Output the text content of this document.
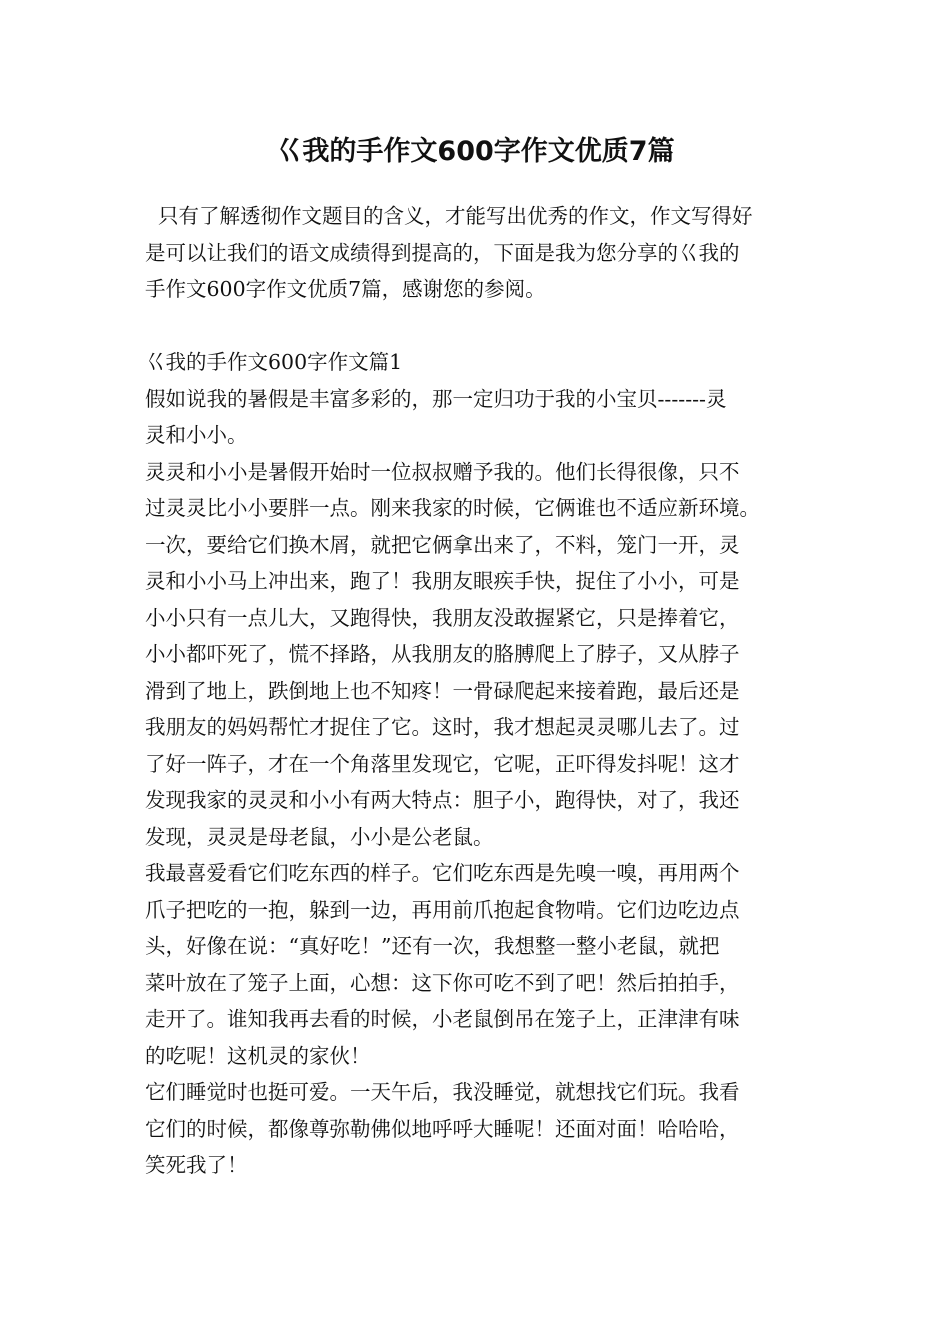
巜我的手作文600字作文优质7篇
只有了解透彻作文题目的含义，才能写出优秀的作文，作文写得好
是可以让我们的语文成绩得到提高的，下面是我为您分享的巜我的
手作文600字作文优质7篇，感谢您的参阅。
巜我的手作文600字作文篇1
假如说我的暑假是丰富多彩的，那一定归功于我的小宝贝-------灵
灵和小小。
灵灵和小小是暑假开始时一位叔叔赠予我的。他们长得很像，只不
过灵灵比小小要胖一点。刚来我家的时候，它俩谁也不适应新环境。
一次，要给它们换木屑，就把它俩拿出来了，不料，笼门一开，灵
灵和小小马上冲出来，跑了！我朋友眼疾手快，捉住了小小，可是
小小只有一点儿大，又跑得快，我朋友没敢握紧它，只是捧着它，
小小都吓死了，慌不择路，从我朋友的胳膊爬上了脖子，又从脖子
滑到了地上，跌倒地上也不知疼！一骨碌爬起来接着跑，最后还是
我朋友的妈妈帮忙才捉住了它。这时，我才想起灵灵哪儿去了。过
了好一阵子，才在一个角落里发现它，它呢，正吓得发抖呢！这才
发现我家的灵灵和小小有两大特点：胆子小，跑得快，对了，我还
发现，灵灵是母老鼠，小小是公老鼠。
我最喜爱看它们吃东西的样子。它们吃东西是先嗅一嗅，再用两个
爪子把吃的一抱，躲到一边，再用前爪抱起食物啃。它们边吃边点
头，好像在说：“真好吃！”还有一次，我想整一整小老鼠，就把
菜叶放在了笼子上面，心想：这下你可吃不到了吧！然后拍拍手，
走开了。谁知我再去看的时候，小老鼠倒吊在笼子上，正津津有味
的吃呢！这机灵的家伙！
它们睡觉时也挺可爱。一天午后，我没睡觉，就想找它们玩。我看
它们的时候，都像尊弥勒佛似地呼呼大睡呢！还面对面！哈哈哈，
笑死我了！
